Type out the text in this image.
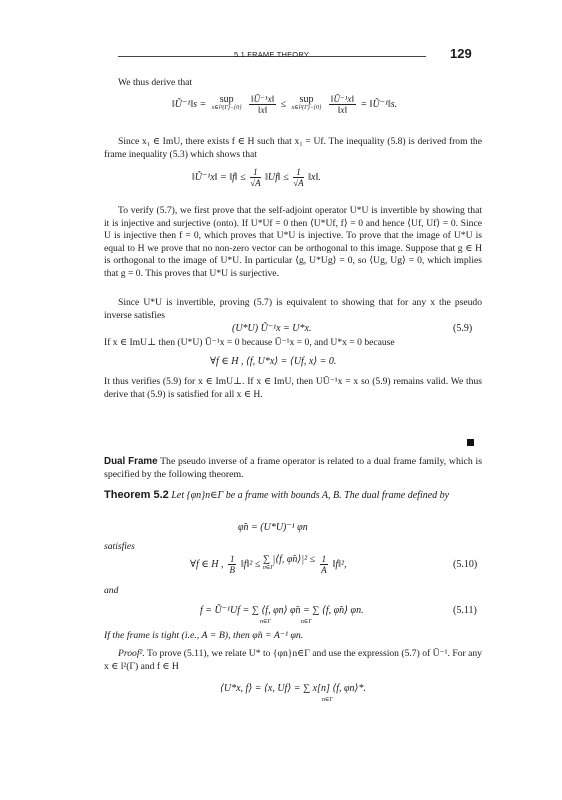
5.1 FRAME THEORY	129
We thus derive that
‖Ũ⁻¹‖s =	sup
x∈l²(Γ)−{0}
$\frac{\text{‖Ũ⁻¹x‖}}{‖x‖}$ ≤	sup
x∈l²(Γ)−{0}
$\frac{\text{‖Ũ⁻¹x‖}}{‖x‖}$ = ‖Ũ⁻¹‖s.
Since x₁ ∈ ImU, there exists f ∈ H such that x₁ = Uf. The inequality (5.8) is derived from the frame inequality (5.3) which shows that
‖Ũ⁻¹x‖ = ‖f‖ ≤ $\frac{1}{√A}$ ‖Uf‖ ≤ $\frac{1}{√A}$ ‖x‖.
To verify (5.7), we first prove that the self-adjoint operator U*U is invertible by showing that it is injective and surjective (onto). If U*Uf = 0 then ⟨U*Uf, f⟩ = 0 and hence ⟨Uf, Uf⟩ = 0. Since U is injective then f = 0, which proves that U*U is injective. To prove that the image of U*U is equal to H we prove that no non-zero vector can be orthogonal to this image. Suppose that g ∈ H is orthogonal to the image of U*U. In particular ⟨g, U*Ug⟩ = 0, so ⟨Ug, Ug⟩ = 0, which implies that g = 0. This proves that U*U is surjective.
Since U*U is invertible, proving (5.7) is equivalent to showing that for any x the pseudo inverse satisfies
(U*U) Ũ⁻¹x = U*x.	(5.9)
If x ∈ ImU⊥ then (U*U) Ũ⁻¹x = 0 because Ũ⁻¹x = 0, and U*x = 0 because
∀f ∈ H , ⟨f, U*x⟩ = ⟨Uf, x⟩ = 0.
It thus verifies (5.9) for x ∈ ImU⊥. If x ∈ ImU, then UŨ⁻¹x = x so (5.9) remains valid. We thus derive that (5.9) is satisfied for all x ∈ H.
Dual Frame The pseudo inverse of a frame operator is related to a dual frame family, which is specified by the following theorem.
Theorem 5.2 Let {φn}n∈Γ be a frame with bounds A, B. The dual frame defined by
φ̃n = (U*U)⁻¹ φn
satisfies
∀f ∈ H , $\frac{1}{B}$ ‖f‖² ≤ ∑ |⟨f, φ̃n⟩|² ≤
n∈Γ
	$\frac{1}{A}$ ‖f‖²,	(5.10)
and
f = Ũ⁻¹Uf = ∑ ⟨f, φn⟩ φ̃n = ∑ ⟨f, φ̃n⟩ φn.
n∈Γ                    n∈Γ
(5.11)
If the frame is tight (i.e., A = B), then φ̃n = A⁻¹ φn.
Proof². To prove (5.11), we relate U* to {φn}n∈Γ and use the expression (5.7) of Ũ⁻¹. For any x ∈ l²(Γ) and f ∈ H
⟨U*x, f⟩ = ⟨x, Uf⟩ = ∑ x[n] ⟨f, φn⟩*.
n∈Γ
